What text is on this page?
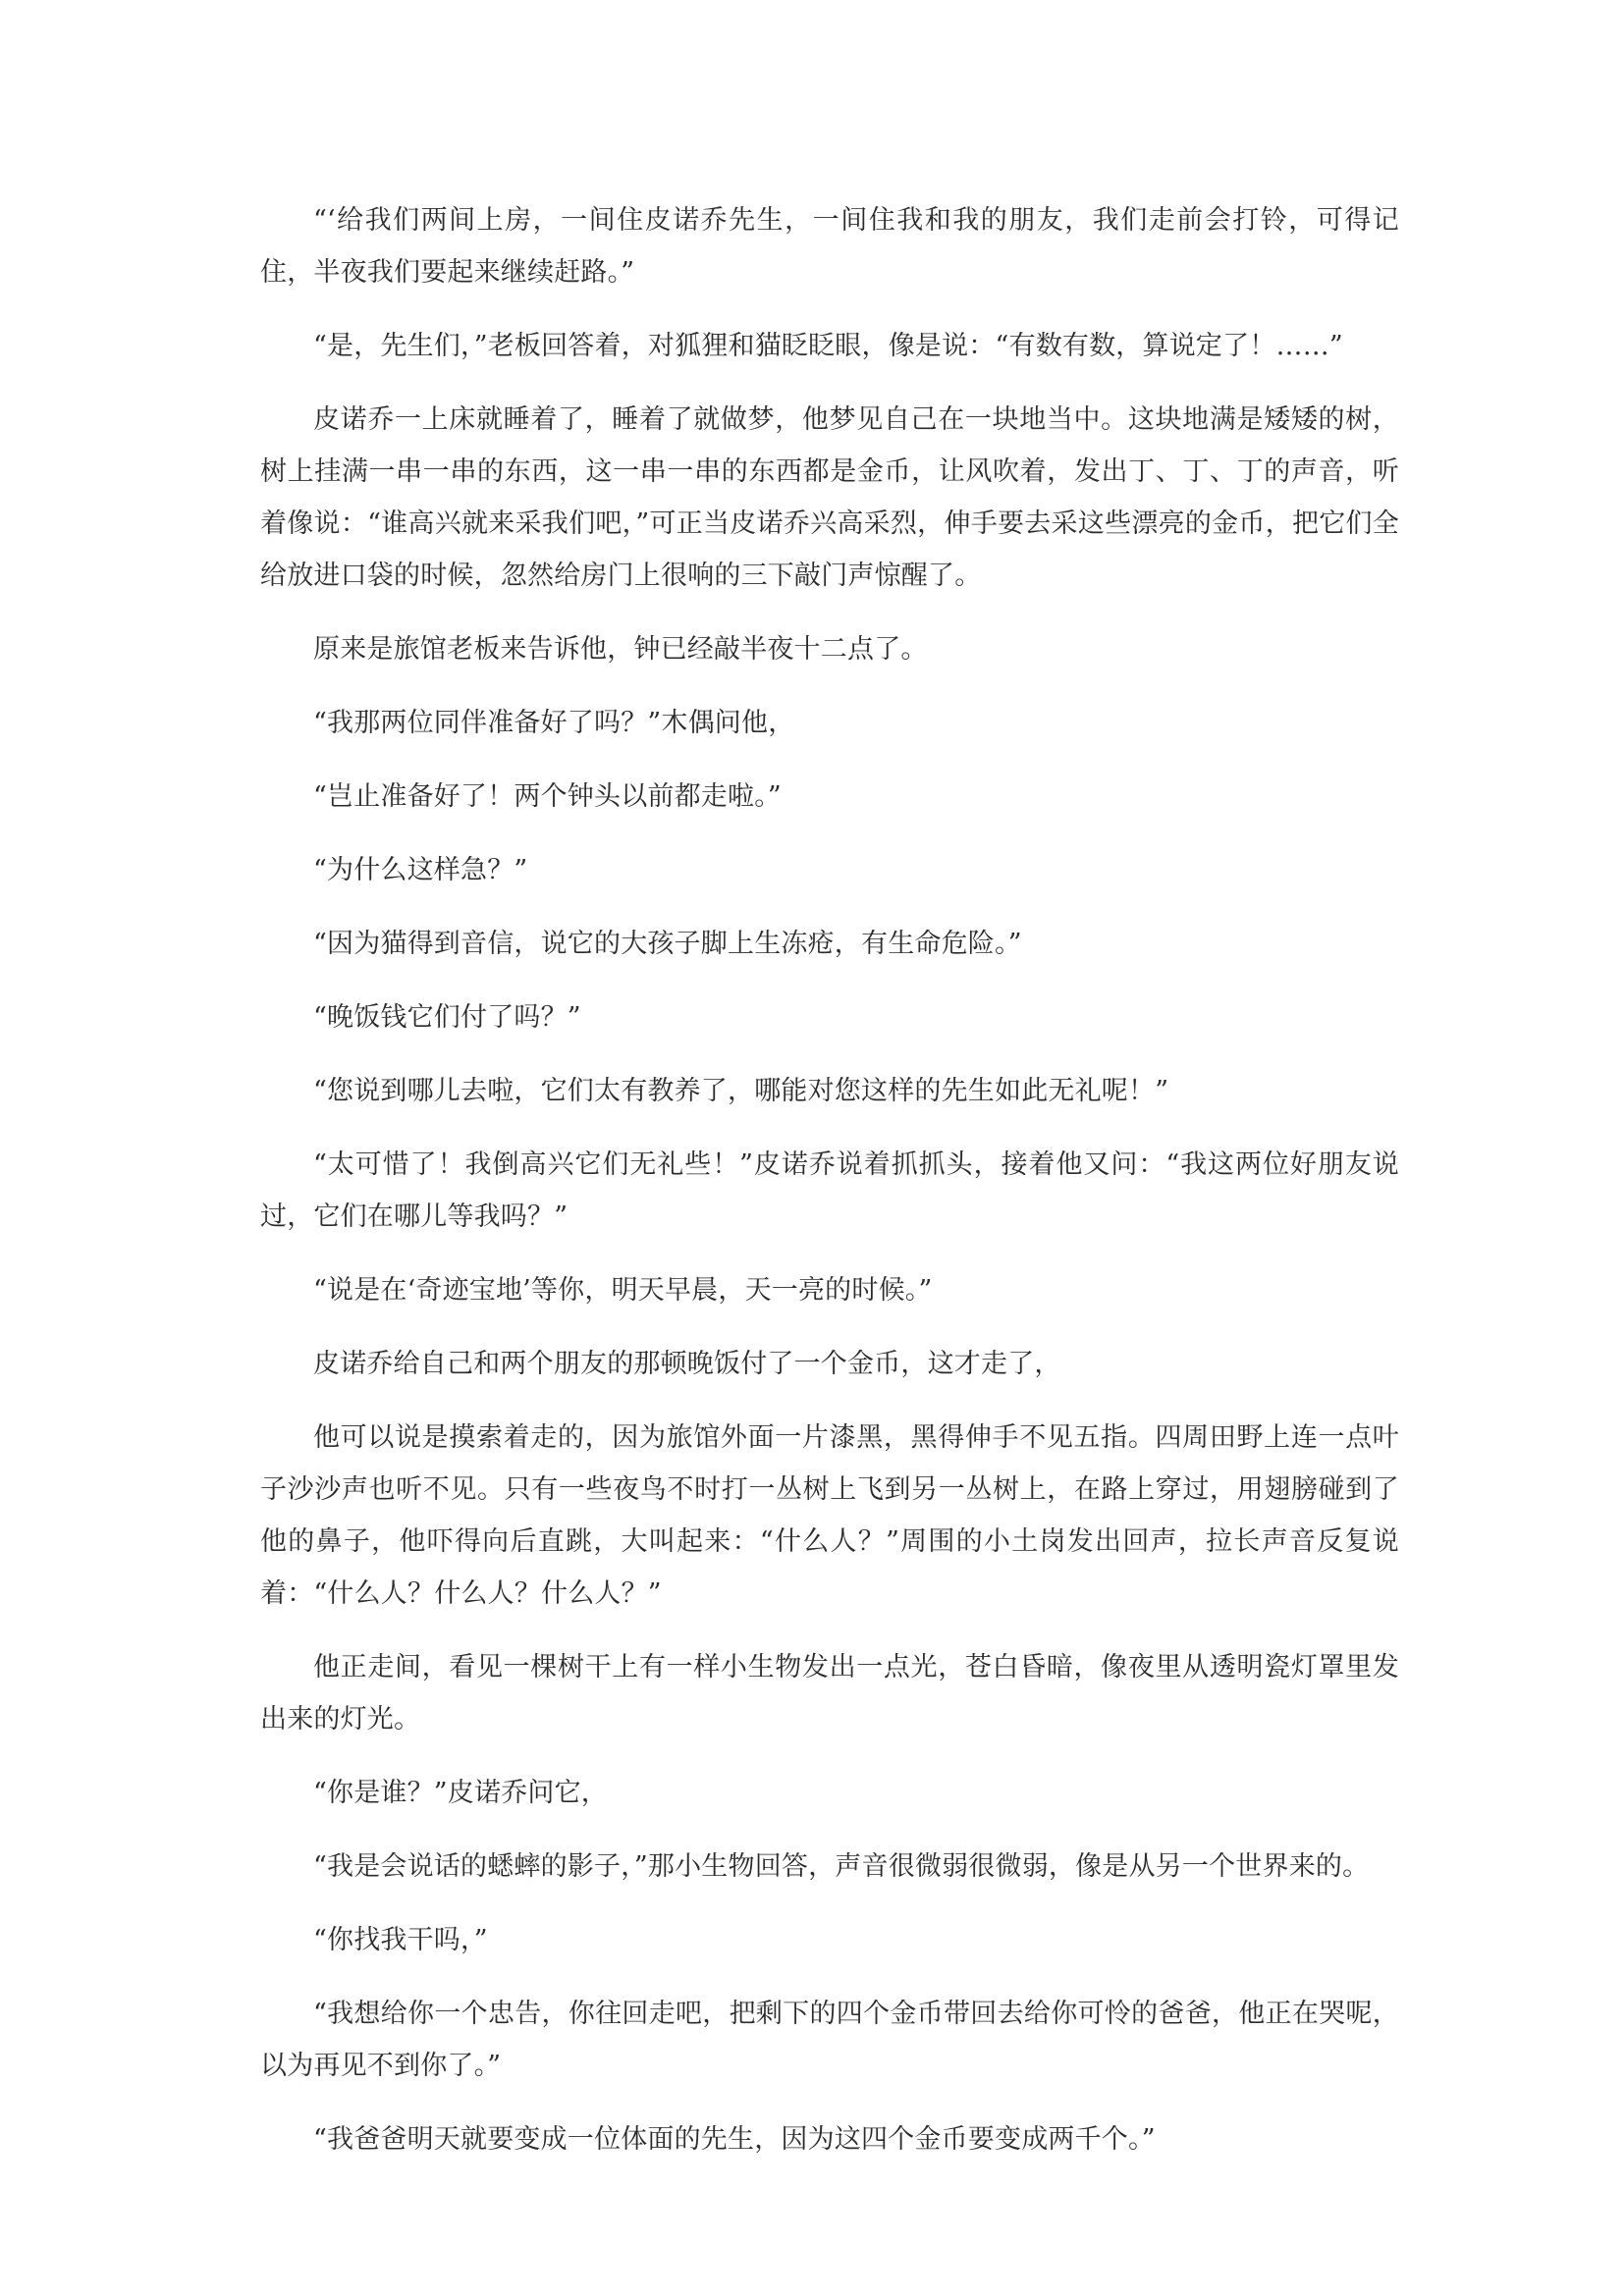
“‘给我们两间上房，一间住皮诺乔先生，一间住我和我的朋友，我们走前会打铃，可得记住，半夜我们要起来继续赶路。”

“是，先生们，”老板回答着，对狐狸和猫眨眨眼，像是说：“有数有数，算说定了！……”

皮诺乔一上床就睡着了，睡着了就做梦，他梦见自己在一块地当中。这块地满是矮矮的树，树上挂满一串一串的东西，这一串一串的东西都是金币，让风吹着，发出丁、丁、丁的声音，听着像说：“谁高兴就来采我们吧，”可正当皮诺乔兴高采烈，伸手要去采这些漂亮的金币，把它们全给放进口袋的时候，忽然给房门上很响的三下敲门声惊醒了。

原来是旅馆老板来告诉他，钟已经敲半夜十二点了。

“我那两位同伴准备好了吗？”木偶问他，

“岂止准备好了！两个钟头以前都走啦。”

“为什么这样急？”

“因为猫得到音信，说它的大孩子脚上生冻疮，有生命危险。”

“晚饭钱它们付了吗？”

“您说到哪儿去啦，它们太有教养了，哪能对您这样的先生如此无礼呢！”

“太可惜了！我倒高兴它们无礼些！”皮诺乔说着抓抓头，接着他又问：“我这两位好朋友说过，它们在哪儿等我吗？”

“说是在‘奇迹宝地’等你，明天早晨，天一亮的时候。”

皮诺乔给自己和两个朋友的那顿晚饭付了一个金币，这才走了，

他可以说是摸索着走的，因为旅馆外面一片漆黑，黑得伸手不见五指。四周田野上连一点叶子沙沙声也听不见。只有一些夜鸟不时打一丛树上飞到另一丛树上，在路上穿过，用翅膀碰到了他的鼻子，他吓得向后直跳，大叫起来：“什么人？”周围的小土岗发出回声，拉长声音反复说着：“什么人？什么人？什么人？”

他正走间，看见一棵树干上有一样小生物发出一点光，苍白昏暗，像夜里从透明瓷灯罩里发出来的灯光。

“你是谁？”皮诺乔问它，

“我是会说话的蟋蟀的影子，”那小生物回答，声音很微弱很微弱，像是从另一个世界来的。

“你找我干吗，”

“我想给你一个忠告，你往回走吧，把剩下的四个金币带回去给你可怜的爸爸，他正在哭呢，以为再见不到你了。”

“我爸爸明天就要变成一位体面的先生，因为这四个金币要变成两千个。”
